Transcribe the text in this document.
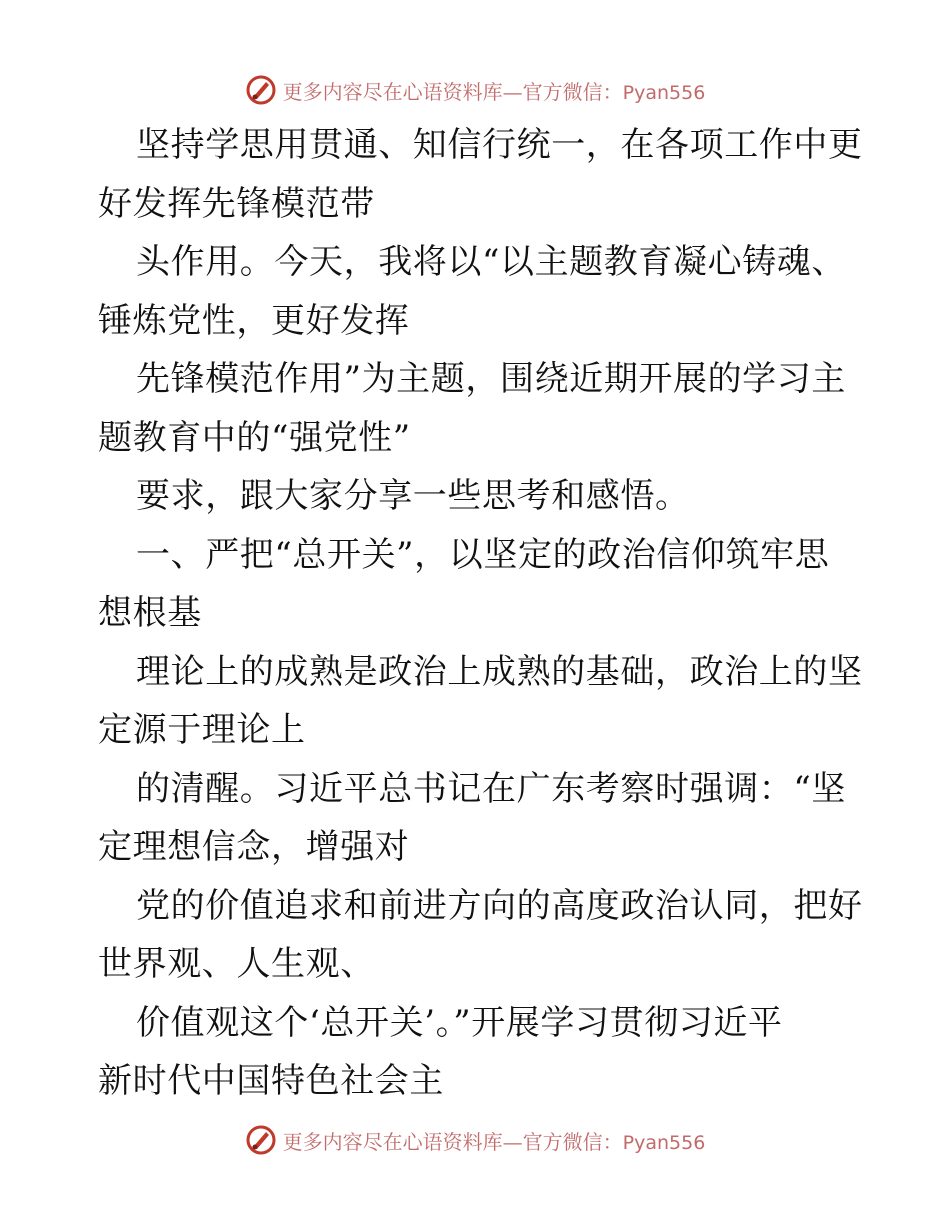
更多内容尽在心语资料库—官方微信：Pyan556
坚持学思用贯通、知信行统一，在各项工作中更
好发挥先锋模范带
头作用。今天，我将以“以主题教育凝心铸魂、
锤炼党性，更好发挥
先锋模范作用”为主题，围绕近期开展的学习主
题教育中的“强党性”
要求，跟大家分享一些思考和感悟。
一、严把“总开关”，以坚定的政治信仰筑牢思
想根基
理论上的成熟是政治上成熟的基础，政治上的坚
定源于理论上
的清醒。习近平总书记在广东考察时强调：“坚
定理想信念，增强对
党的价值追求和前进方向的高度政治认同，把好
世界观、人生观、
价值观这个‘总开关’。”开展学习贯彻习近平
新时代中国特色社会主
更多内容尽在心语资料库—官方微信：Pyan556
